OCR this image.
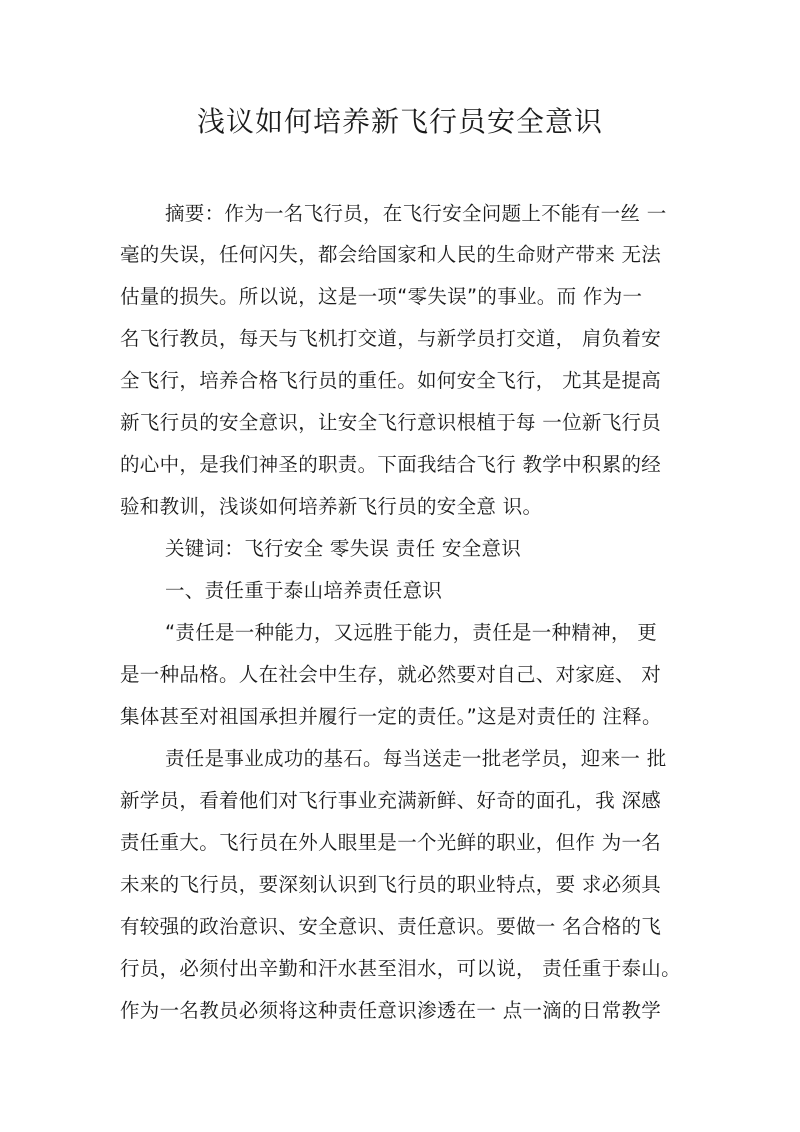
浅议如何培养新飞行员安全意识

摘要：作为一名飞行员，在飞行安全问题上不能有一丝 一

毫的失误，任何闪失，都会给国家和人民的生命财产带来 无法

估量的损失。所以说，这是一项“零失误”的事业。而 作为一

名飞行教员，每天与飞机打交道，与新学员打交道， 肩负着安

全飞行，培养合格飞行员的重任。如何安全飞行， 尤其是提高

新飞行员的安全意识，让安全飞行意识根植于每 一位新飞行员

的心中，是我们神圣的职责。下面我结合飞行 教学中积累的经

验和教训，浅谈如何培养新飞行员的安全意 识。

关键词：飞行安全 零失误 责任 安全意识

一、责任重于泰山培养责任意识

“责任是一种能力，又远胜于能力，责任是一种精神， 更

是一种品格。人在社会中生存，就必然要对自己、对家庭、 对

集体甚至对祖国承担并履行一定的责任。”这是对责任的 注释。

责任是事业成功的基石。每当送走一批老学员，迎来一 批

新学员，看着他们对飞行事业充满新鲜、好奇的面孔，我 深感

责任重大。飞行员在外人眼里是一个光鲜的职业，但作 为一名

未来的飞行员，要深刻认识到飞行员的职业特点，要 求必须具

有较强的政治意识、安全意识、责任意识。要做一 名合格的飞

行员，必须付出辛勤和汗水甚至泪水，可以说， 责任重于泰山。

作为一名教员必须将这种责任意识渗透在一 点一滴的日常教学
